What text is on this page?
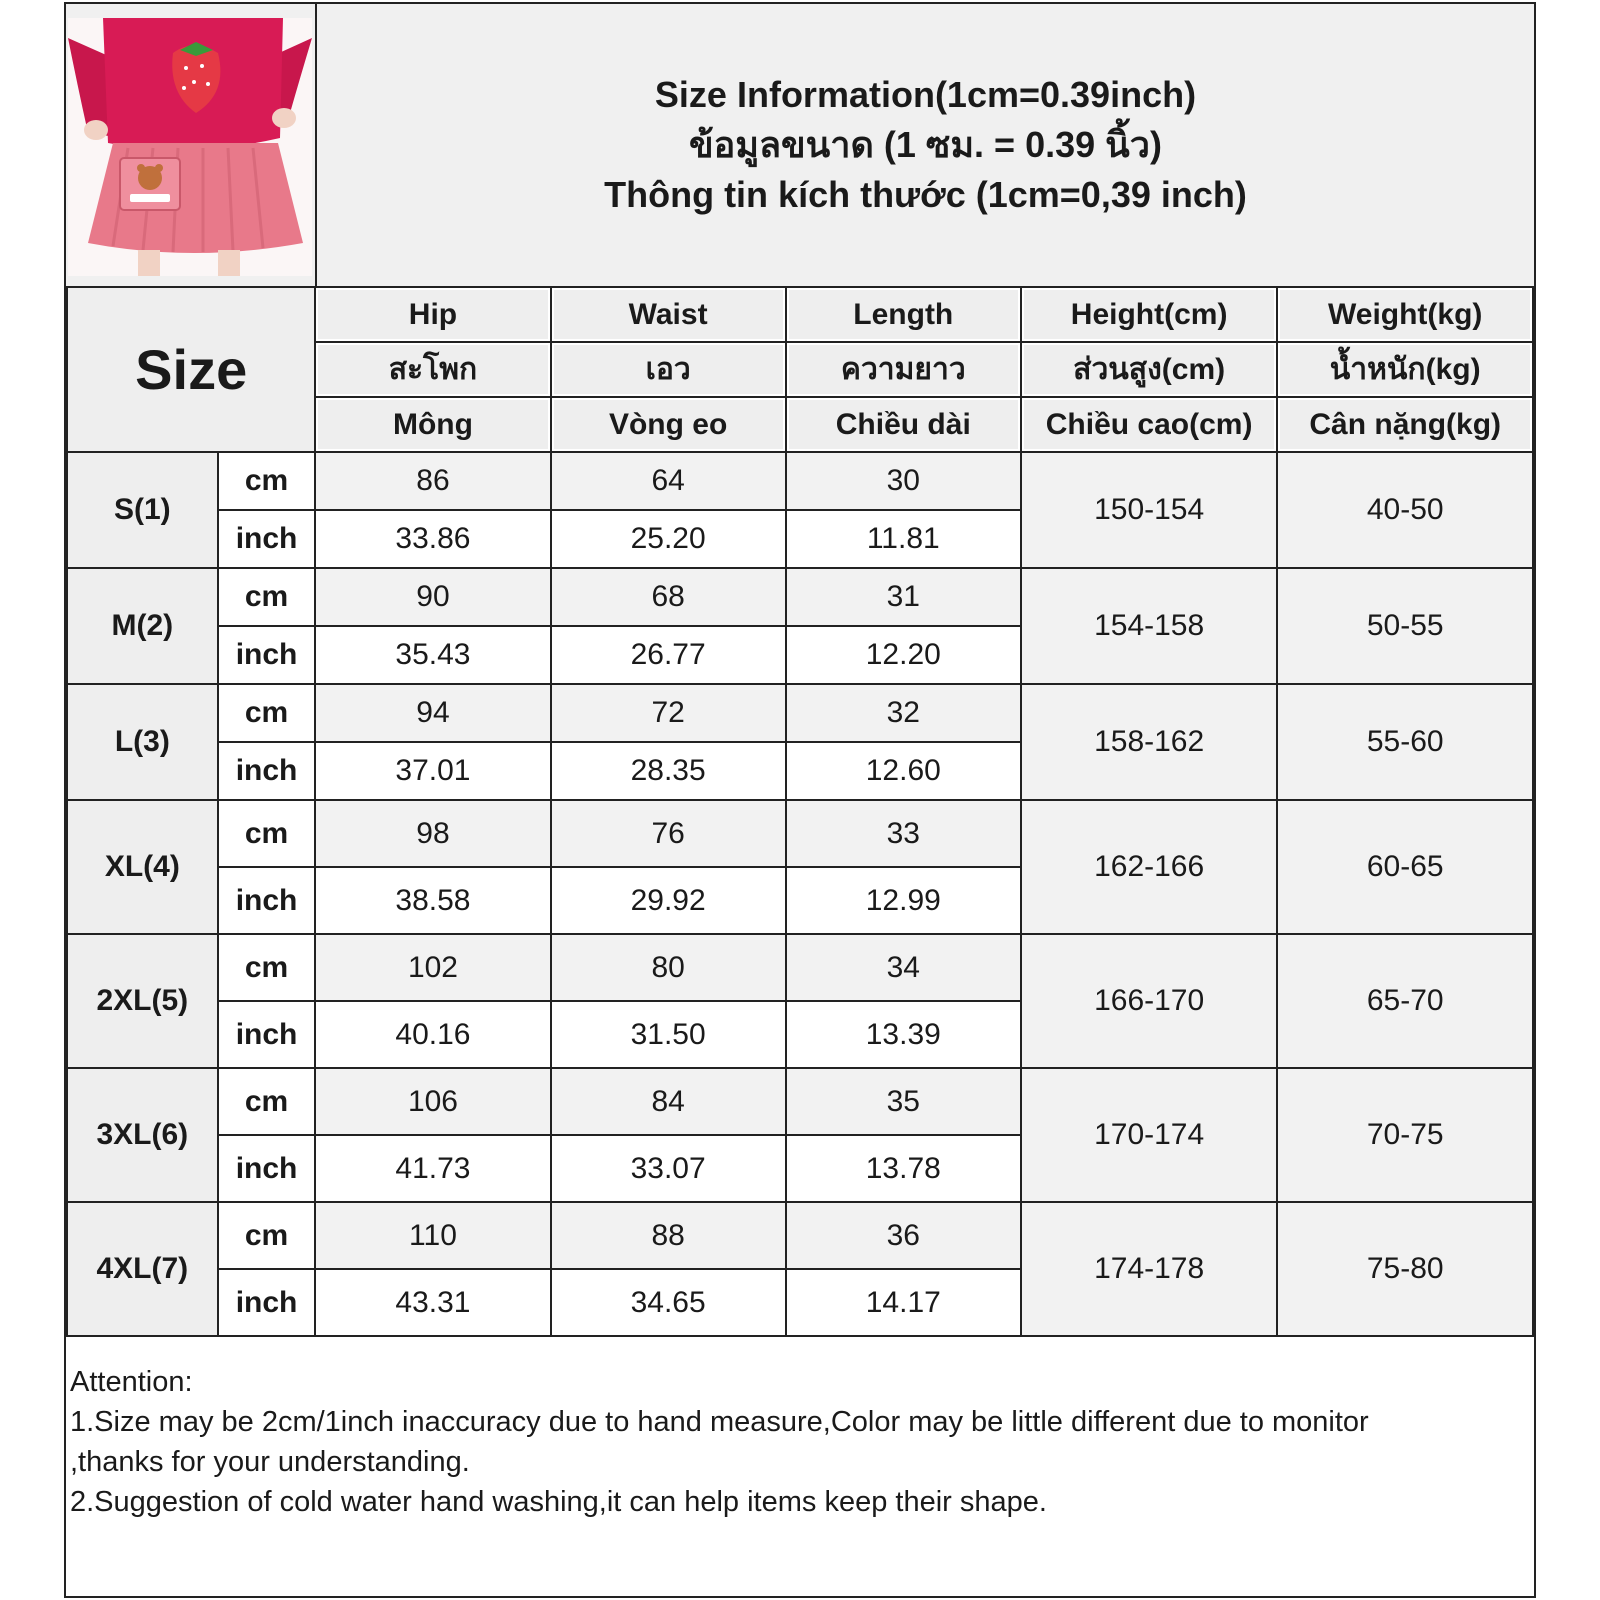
Size Information(1cm=0.39inch)
ข้อมูลขนาด (1 ซม. = 0.39 นิ้ว)
Thông tin kích thước (1cm=0,39 inch)
Size		Hip	Waist	Length	Height(cm)	Weight(kg)
		สะโพก	เอว	ความยาว	ส่วนสูง(cm)	น้ำหนัก(kg)
		Mông	Vòng eo	Chiều dài	Chiều cao(cm)	Cân nặng(kg)
S(1)	cm	86	64	30	150-154	40-50
	inch	33.86	25.20	11.81		
M(2)	cm	90	68	31	154-158	50-55
	inch	35.43	26.77	12.20		
L(3)	cm	94	72	32	158-162	55-60
	inch	37.01	28.35	12.60		
XL(4)	cm	98	76	33	162-166	60-65
	inch	38.58	29.92	12.99		
2XL(5)	cm	102	80	34	166-170	65-70
	inch	40.16	31.50	13.39		
3XL(6)	cm	106	84	35	170-174	70-75
	inch	41.73	33.07	13.78		
4XL(7)	cm	110	88	36	174-178	75-80
	inch	43.31	34.65	14.17		
Attention:
1.Size may be 2cm/1inch inaccuracy due to hand measure,Color may be little different due to monitor
,thanks for your understanding.
2.Suggestion of cold water hand washing,it can help items keep their shape.
